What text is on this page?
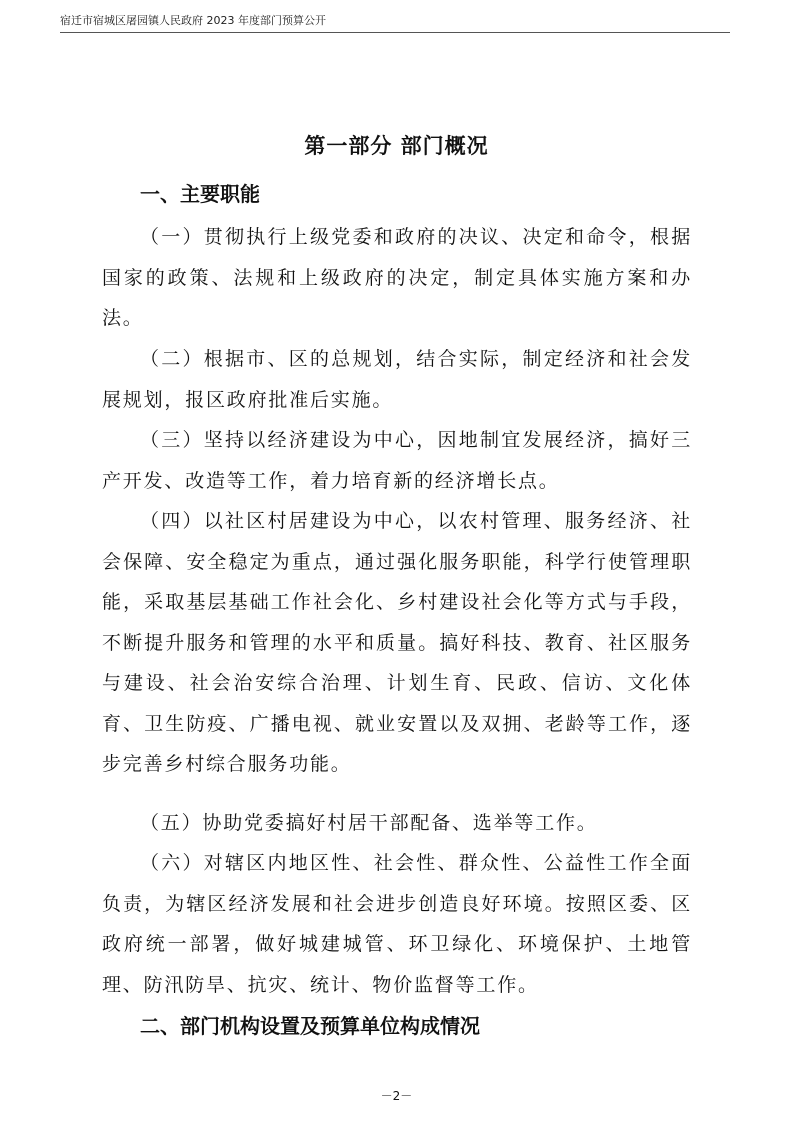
宿迁市宿城区屠园镇人民政府 2023 年度部门预算公开
第一部分 部门概况
一、主要职能

（一）贯彻执行上级党委和政府的决议、决定和命令，根据国家的政策、法规和上级政府的决定，制定具体实施方案和办法。

（二）根据市、区的总规划，结合实际，制定经济和社会发展规划，报区政府批准后实施。

（三）坚持以经济建设为中心，因地制宜发展经济，搞好三产开发、改造等工作，着力培育新的经济增长点。

（四）以社区村居建设为中心，以农村管理、服务经济、社会保障、安全稳定为重点，通过强化服务职能，科学行使管理职能，采取基层基础工作社会化、乡村建设社会化等方式与手段，不断提升服务和管理的水平和质量。搞好科技、教育、社区服务与建设、社会治安综合治理、计划生育、民政、信访、文化体育、卫生防疫、广播电视、就业安置以及双拥、老龄等工作，逐步完善乡村综合服务功能。

（五）协助党委搞好村居干部配备、选举等工作。

（六）对辖区内地区性、社会性、群众性、公益性工作全面负责，为辖区经济发展和社会进步创造良好环境。按照区委、区政府统一部署，做好城建城管、环卫绿化、环境保护、土地管理、防汛防旱、抗灾、统计、物价监督等工作。

二、部门机构设置及预算单位构成情况
－2－
